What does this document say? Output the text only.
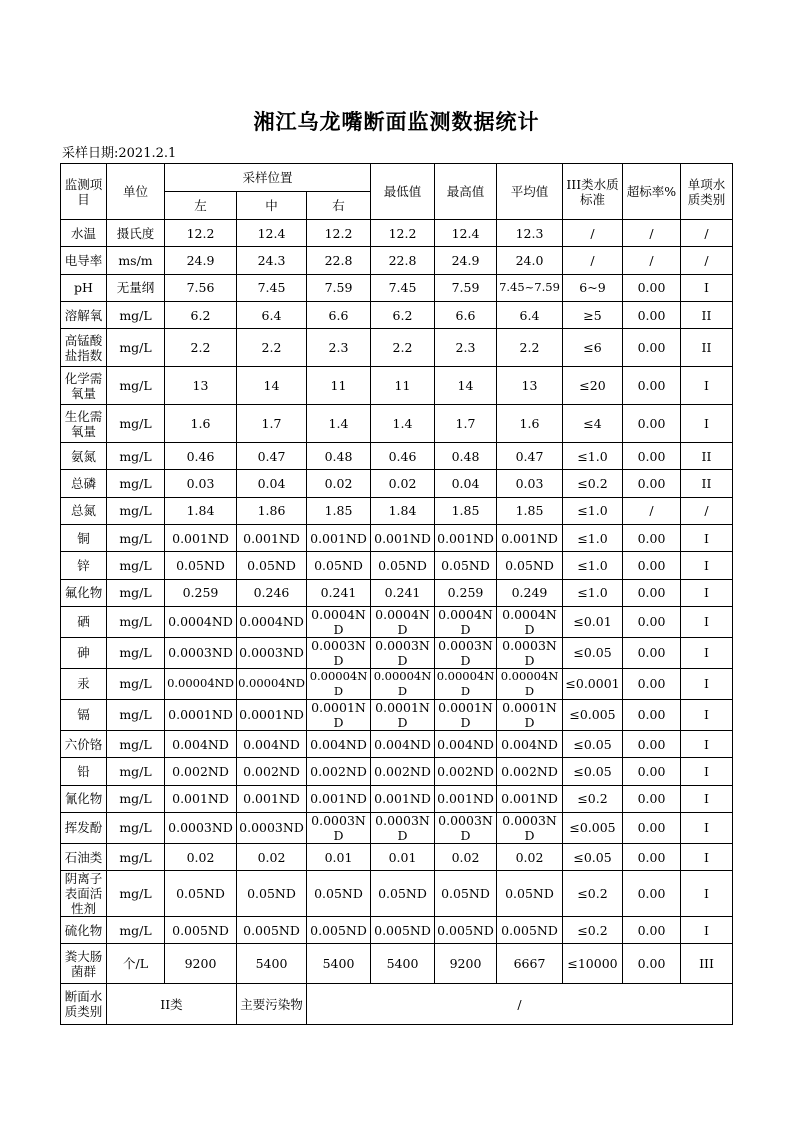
湘江乌龙嘴断面监测数据统计
采样日期:2021.2.1
监测项目	单位	采样位置			最低值	最高值	平均值	III类水质标准	超标率%	单项水质类别
		左	中	右						
水温	摄氏度	12.2	12.4	12.2	12.2	12.4	12.3	/	/	/
电导率	ms/m	24.9	24.3	22.8	22.8	24.9	24.0	/	/	/
pH	无量纲	7.56	7.45	7.59	7.45	7.59	7.45~7.59	6~9	0.00	I
溶解氧	mg/L	6.2	6.4	6.6	6.2	6.6	6.4	≥5	0.00	II
高锰酸盐指数	mg/L	2.2	2.2	2.3	2.2	2.3	2.2	≤6	0.00	II
化学需氧量	mg/L	13	14	11	11	14	13	≤20	0.00	I
生化需氧量	mg/L	1.6	1.7	1.4	1.4	1.7	1.6	≤4	0.00	I
氨氮	mg/L	0.46	0.47	0.48	0.46	0.48	0.47	≤1.0	0.00	II
总磷	mg/L	0.03	0.04	0.02	0.02	0.04	0.03	≤0.2	0.00	II
总氮	mg/L	1.84	1.86	1.85	1.84	1.85	1.85	≤1.0	/	/
铜	mg/L	0.001ND	0.001ND	0.001ND	0.001ND	0.001ND	0.001ND	≤1.0	0.00	I
锌	mg/L	0.05ND	0.05ND	0.05ND	0.05ND	0.05ND	0.05ND	≤1.0	0.00	I
氟化物	mg/L	0.259	0.246	0.241	0.241	0.259	0.249	≤1.0	0.00	I
硒	mg/L	0.0004ND	0.0004ND	0.0004ND	0.0004ND	0.0004ND	0.0004ND	≤0.01	0.00	I
砷	mg/L	0.0003ND	0.0003ND	0.0003ND	0.0003ND	0.0003ND	0.0003ND	≤0.05	0.00	I
汞	mg/L	0.00004ND	0.00004ND	0.00004ND	0.00004ND	0.00004ND	0.00004ND	≤0.0001	0.00	I
镉	mg/L	0.0001ND	0.0001ND	0.0001ND	0.0001ND	0.0001ND	0.0001ND	≤0.005	0.00	I
六价铬	mg/L	0.004ND	0.004ND	0.004ND	0.004ND	0.004ND	0.004ND	≤0.05	0.00	I
铅	mg/L	0.002ND	0.002ND	0.002ND	0.002ND	0.002ND	0.002ND	≤0.05	0.00	I
氰化物	mg/L	0.001ND	0.001ND	0.001ND	0.001ND	0.001ND	0.001ND	≤0.2	0.00	I
挥发酚	mg/L	0.0003ND	0.0003ND	0.0003ND	0.0003ND	0.0003ND	0.0003ND	≤0.005	0.00	I
石油类	mg/L	0.02	0.02	0.01	0.01	0.02	0.02	≤0.05	0.00	I
阴离子表面活性剂	mg/L	0.05ND	0.05ND	0.05ND	0.05ND	0.05ND	0.05ND	≤0.2	0.00	I
硫化物	mg/L	0.005ND	0.005ND	0.005ND	0.005ND	0.005ND	0.005ND	≤0.2	0.00	I
粪大肠菌群	个/L	9200	5400	5400	5400	9200	6667	≤10000	0.00	III
断面水质类别	II类		主要污染物	/						
